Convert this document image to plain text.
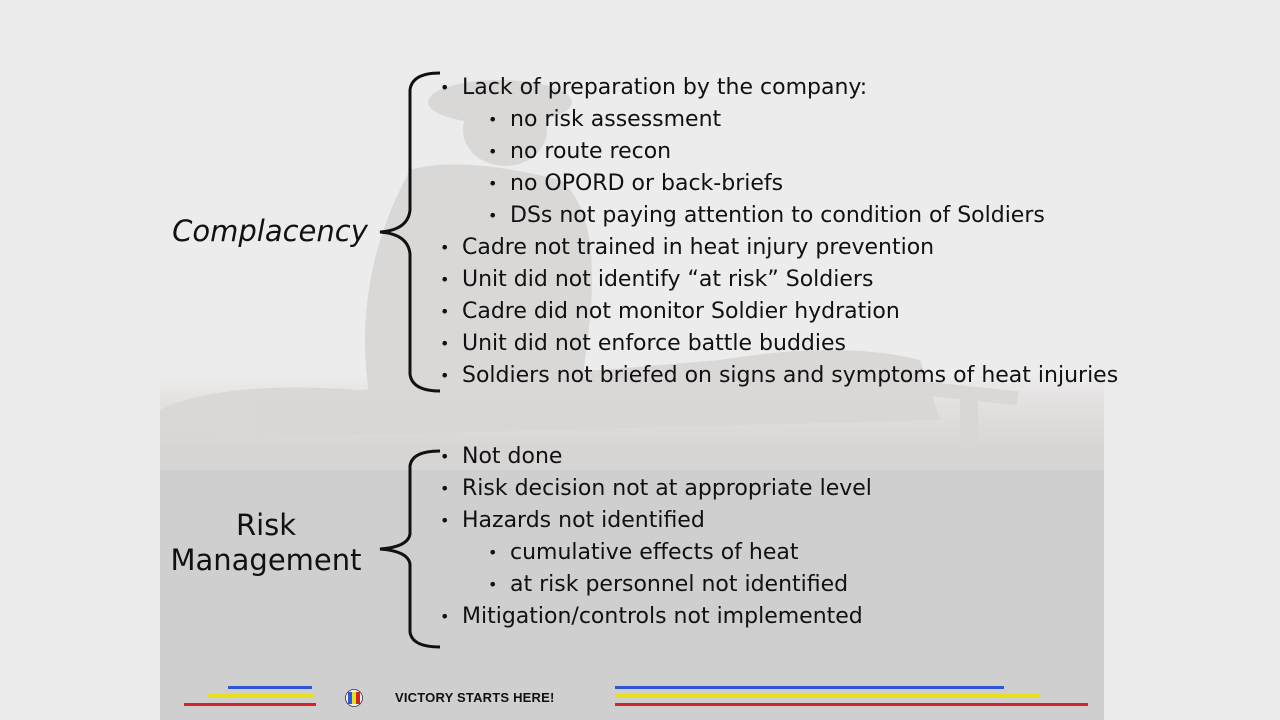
Complacency
Risk
Management
• Lack of preparation by the company:
• no risk assessment
• no route recon
• no OPORD or back-briefs
• DSs not paying attention to condition of Soldiers
• Cadre not trained in heat injury prevention
• Unit did not identify “at risk” Soldiers
• Cadre did not monitor Soldier hydration
• Unit did not enforce battle buddies
• Soldiers not briefed on signs and symptoms of heat injuries
• Not done
• Risk decision not at appropriate level
• Hazards not identified
• cumulative effects of heat
• at risk personnel not identified
• Mitigation/controls not implemented
VICTORY STARTS HERE!
